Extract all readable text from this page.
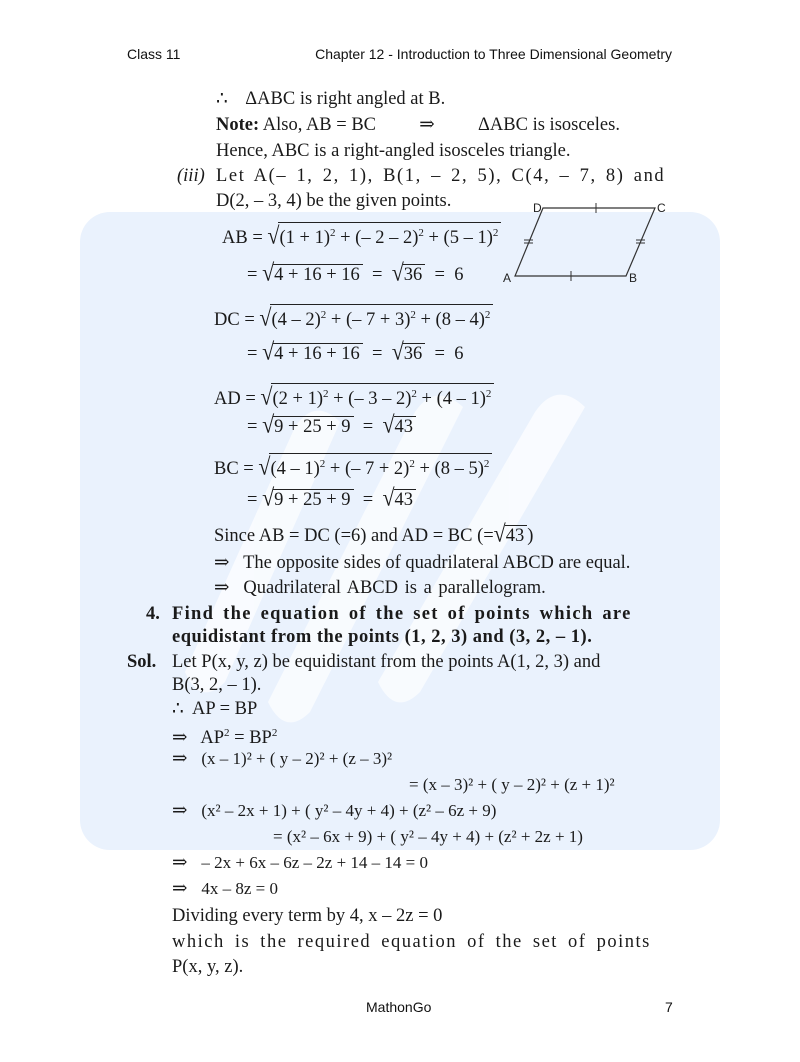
Class 11	Chapter 12 - Introduction to Three Dimensional Geometry
∴ ΔABC is right angled at B.
Note: Also, AB = BC ⇒ ΔABC is isosceles.
Hence, ABC is a right-angled isosceles triangle.
(iii) Let A(– 1, 2, 1), B(1, – 2, 5), C(4, – 7, 8) and
D(2, – 3, 4) be the given points.	D	C
A	B
AB = $√(1 + 1)^2$ + (– 2 – 2)$^2$ + (5 – 1)$^2$
= √4 + 16 + 16  =  √36  =  6
DC = √(4 – 2)$^2$ + (– 7 + 3)$^2$ + (8 – 4)$^2$
= √4 + 16 + 16  =  √36  =  6
AD = $√(2 + 1)^2$ + (– 3 – 2)$^2$ + (4 – 1)$^2$
= √9 + 25 + 9  =  √43
BC = √(4 – 1)$^2$ + (– 7 + 2)$^2$ + (8 – 5)$^2$
= √9 + 25 + 9  =  √43
Since AB = DC (=6) and AD = BC (=√43 )
⇒ The opposite sides of quadrilateral ABCD are equal.
⇒ Quadrilateral ABCD is a parallelogram.
4. Find the equation of the set of points which are
equidistant from the points (1, 2, 3) and (3, 2, – 1).
Sol. Let P(x, y, z) be equidistant from the points A(1, 2, 3) and
B(3, 2, – 1).
∴ AP = BP
⇒ $AP^2 = BP^2$
⇒ (x – 1)² + ( y – 2)² + (z – 3)²
= (x – 3)² + ( y – 2)² + (z + 1)²
⇒ (x² – 2x + 1) + ( y² – 4y + 4) + (z² – 6z + 9)
= (x² – 6x + 9) + ( y² – 4y + 4) + (z² + 2z + 1)
⇒ – 2x + 6x – 6z – 2z + 14 – 14 = 0
⇒ 4x – 8z = 0
Dividing every term by 4, x – 2z = 0
which is the required equation of the set of points
P(x, y, z).
MathonGo	7
